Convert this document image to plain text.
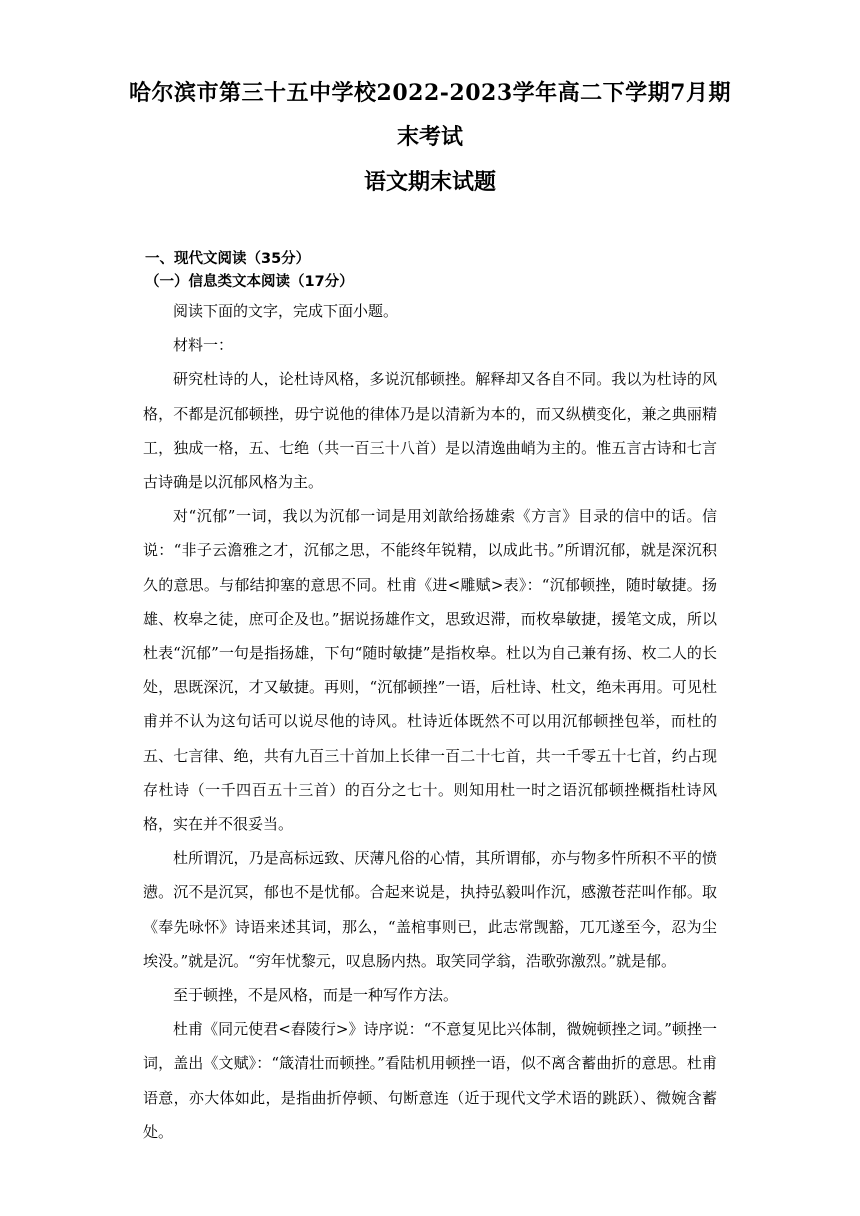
哈尔滨市第三十五中学校2022-2023学年高二下学期7月期
末考试
语文期末试题
一、现代文阅读（35分）
（一）信息类文本阅读（17分）

阅读下面的文字，完成下面小题。

材料一：

研究杜诗的人，论杜诗风格，多说沉郁顿挫。解释却又各自不同。我以为杜诗的风格，不都是沉郁顿挫，毋宁说他的律体乃是以清新为本的，而又纵横变化，兼之典丽精工，独成一格，五、七绝（共一百三十八首）是以清逸曲峭为主的。惟五言古诗和七言古诗确是以沉郁风格为主。

对“沉郁”一词，我以为沉郁一词是用刘歆给扬雄索《方言》目录的信中的话。信说：“非子云澹雅之才，沉郁之思，不能终年锐精，以成此书。”所谓沉郁，就是深沉积久的意思。与郁结抑塞的意思不同。杜甫《进<雕赋>表》：“沉郁顿挫，随时敏捷。扬雄、枚皋之徒，庶可企及也。”据说扬雄作文，思致迟滞，而枚皋敏捷，援笔文成，所以杜表“沉郁”一句是指扬雄，下句“随时敏捷”是指枚皋。杜以为自己兼有扬、枚二人的长处，思既深沉，才又敏捷。再则，“沉郁顿挫”一语，后杜诗、杜文，绝未再用。可见杜甫并不认为这句话可以说尽他的诗风。杜诗近体既然不可以用沉郁顿挫包举，而杜的五、七言律、绝，共有九百三十首加上长律一百二十七首，共一千零五十七首，约占现存杜诗（一千四百五十三首）的百分之七十。则知用杜一时之语沉郁顿挫概指杜诗风格，实在并不很妥当。

杜所谓沉，乃是高标远致、厌薄凡俗的心情，其所谓郁，亦与物多忤所积不平的愤懑。沉不是沉冥，郁也不是忧郁。合起来说是，执持弘毅叫作沉，感激苍茫叫作郁。取《奉先咏怀》诗语来述其词，那么，“盖棺事则已，此志常觊豁，兀兀遂至今，忍为尘埃没。”就是沉。“穷年忧黎元，叹息肠内热。取笑同学翁，浩歌弥激烈。”就是郁。

至于顿挫，不是风格，而是一种写作方法。

杜甫《同元使君<舂陵行>》诗序说：“不意复见比兴体制，微婉顿挫之词。”顿挫一词，盖出《文赋》：“箴清壮而顿挫。”看陆机用顿挫一语，似不离含蓄曲折的意思。杜甫语意，亦大体如此，是指曲折停顿、句断意连（近于现代文学术语的跳跃）、微婉含蓄处。
